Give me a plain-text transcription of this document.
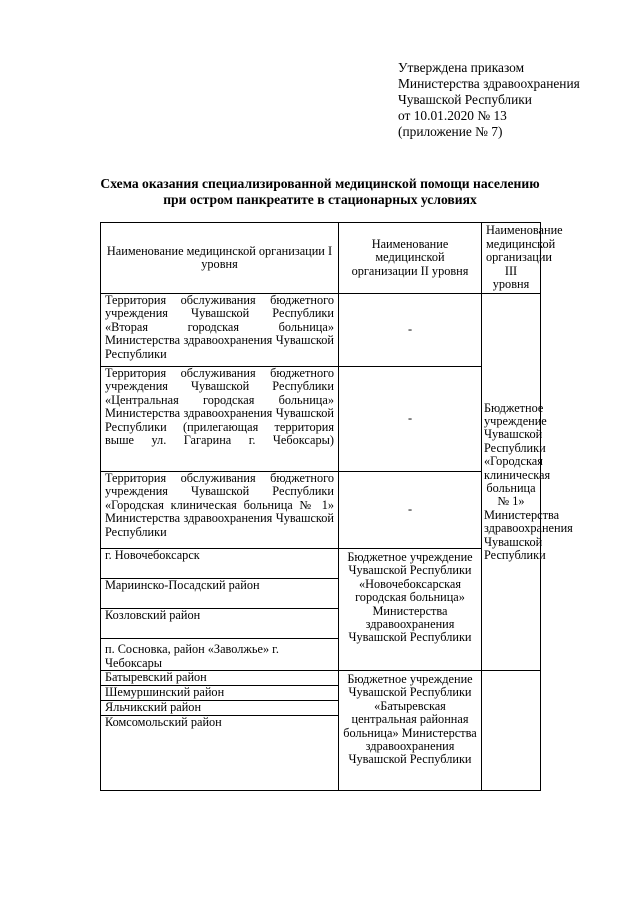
Утверждена приказом
Министерства здравоохранения
Чувашской Республики
от 10.01.2020 № 13
(приложение № 7)
Схема оказания специализированной медицинской помощи населению
при остром панкреатите в стационарных условиях
Наименование медицинской организации I уровня	Наименование медицинской организации II уровня	Наименование медицинской организации III уровня
Территория обслуживания бюджетного учреждения Чувашской Республики «Вторая городская больница» Министерства здравоохранения Чувашской Республики	-	Бюджетное учреждение Чувашской Республики «Городская клиническая больница № 1» Министерства здравоохранения Чувашской Республики
Территория обслуживания бюджетного учреждения Чувашской Республики «Центральная городская больница» Министерства здравоохранения Чувашской Республики (прилегающая территория выше ул. Гагарина г. Чебоксары)	-	
Территория обслуживания бюджетного учреждения Чувашской Республики «Городская клиническая больница № 1» Министерства здравоохранения Чувашской Республики	-	
г. Новочебоксарск	Бюджетное учреждение Чувашской Республики «Новочебоксарская городская больница» Министерства здравоохранения Чувашской Республики	
Мариинско-Посадский район		
Козловский район		
п. Сосновка, район «Заволжье» г. Чебоксары		
Батыревский район	Бюджетное учреждение Чувашской Республики «Батыревская центральная районная больница» Министерства здравоохранения Чувашской Республики	
Шемуршинский район		
Яльчикский район		
Комсомольский район		
